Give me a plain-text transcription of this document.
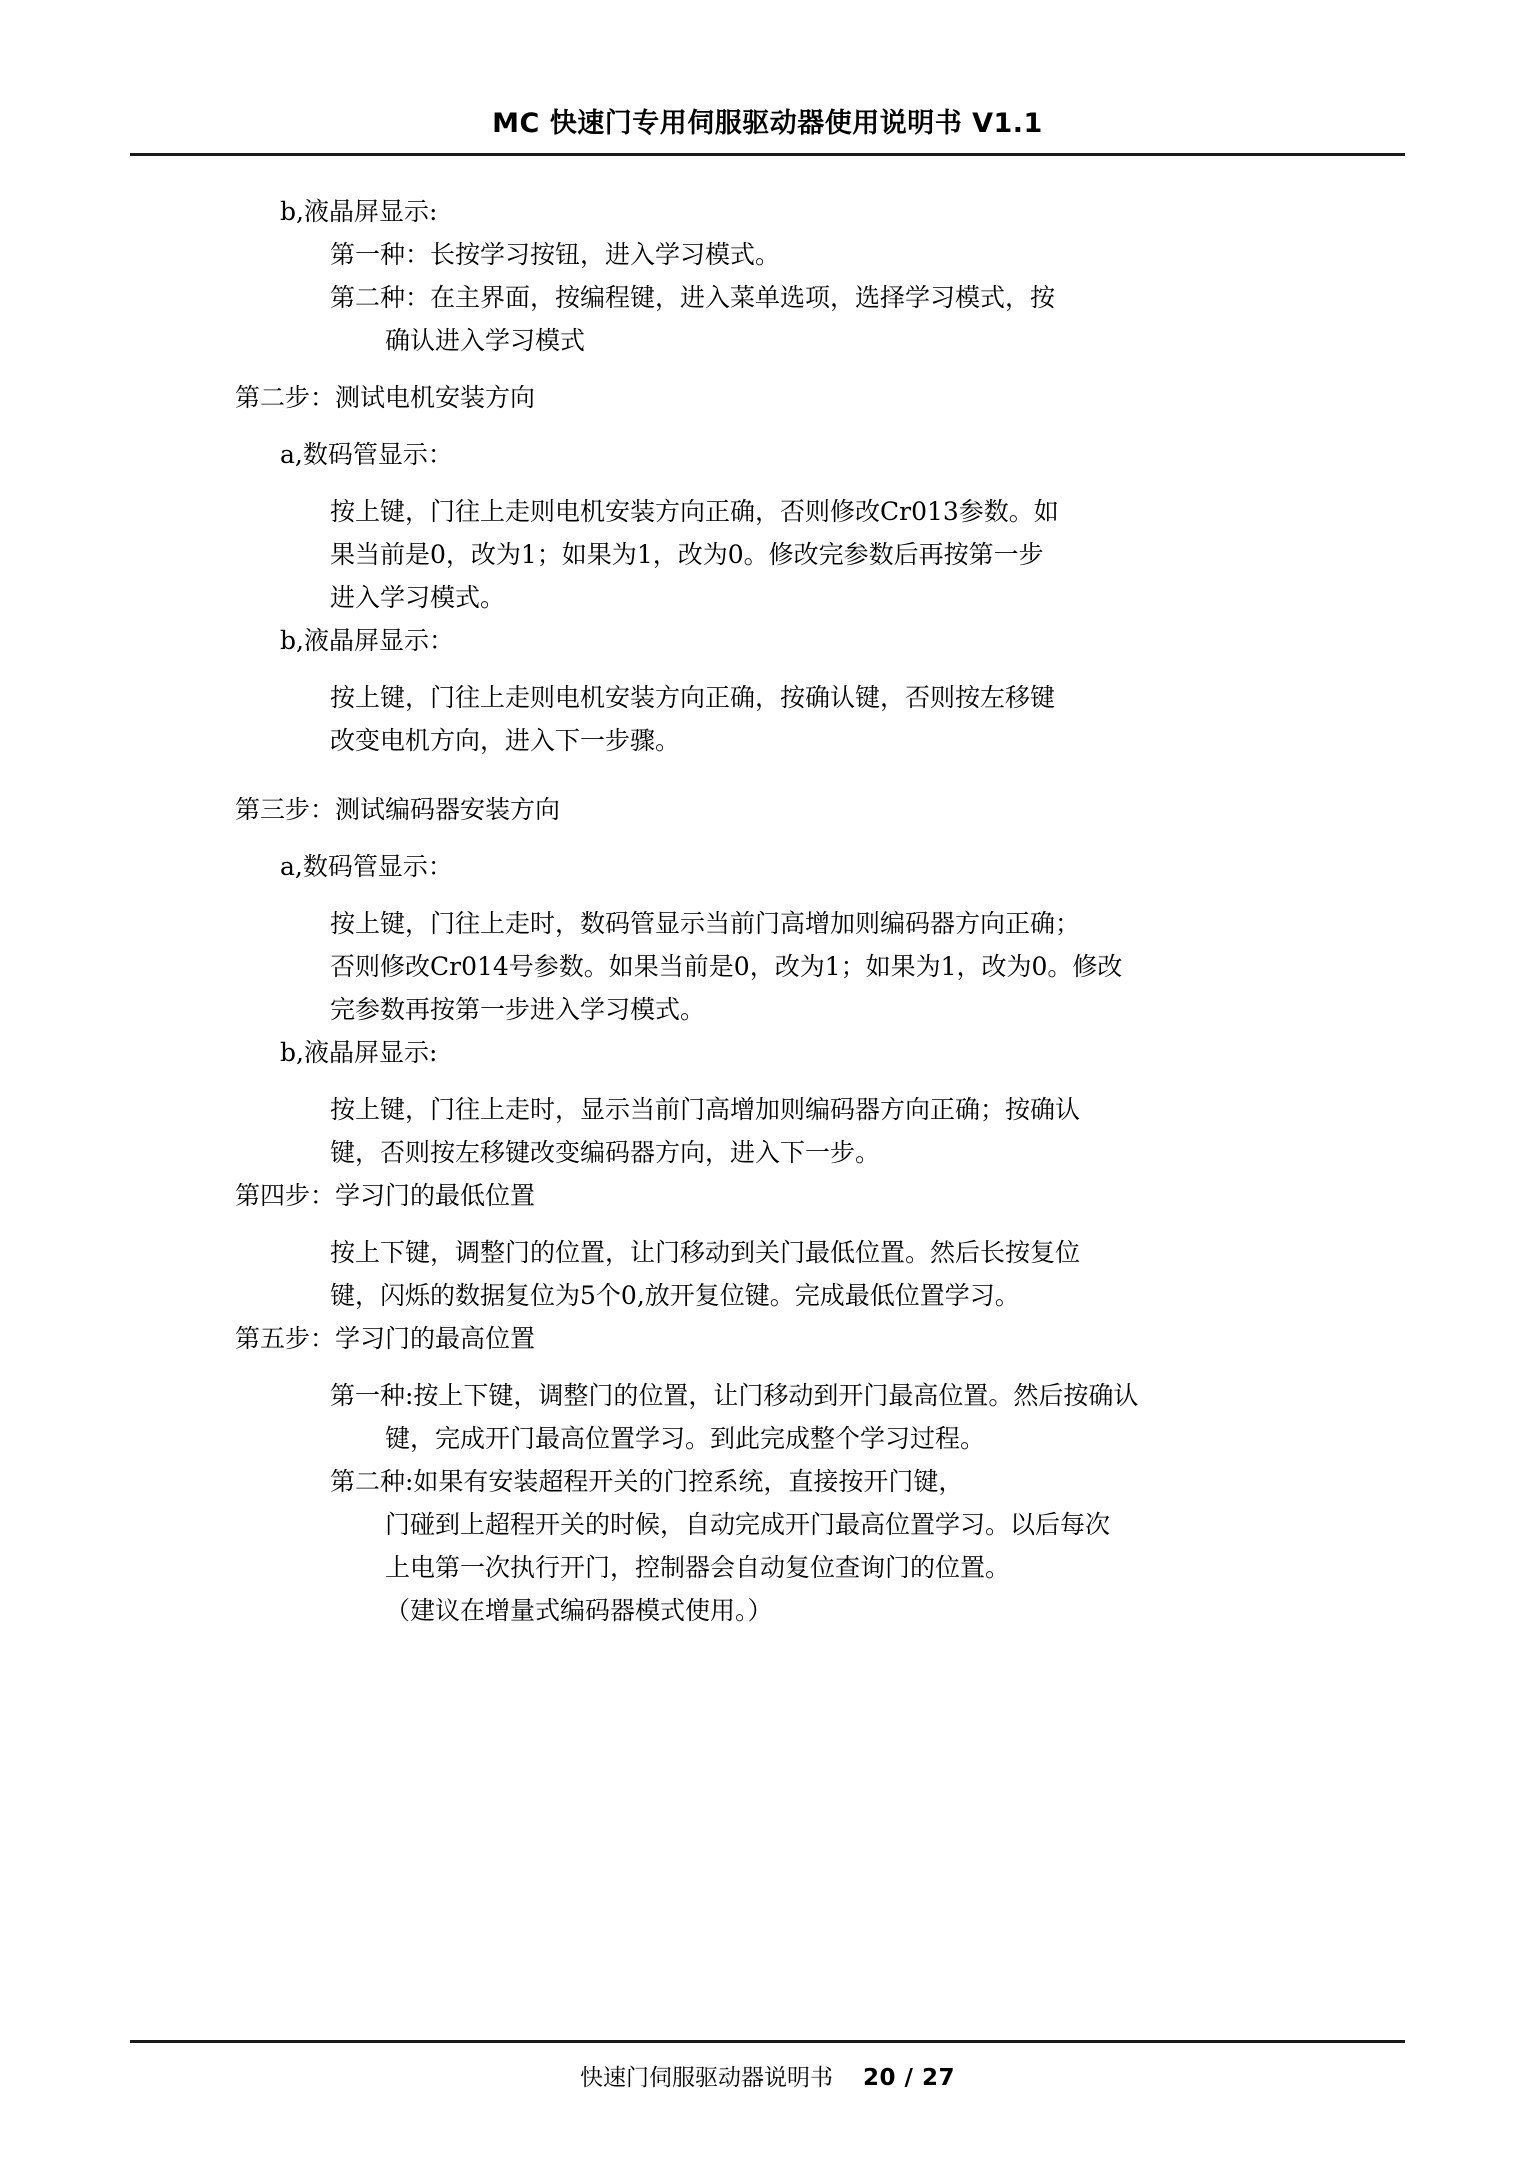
MC 快速门专用伺服驱动器使用说明书 V1.1
b,液晶屏显示:
第一种：长按学习按钮，进入学习模式。
第二种：在主界面，按编程键，进入菜单选项，选择学习模式，按
确认进入学习模式
第二步：测试电机安装方向
a,数码管显示：
按上键，门往上走则电机安装方向正确，否则修改Cr013参数。如
果当前是0，改为1；如果为1，改为0。修改完参数后再按第一步
进入学习模式。
b,液晶屏显示：
按上键，门往上走则电机安装方向正确，按确认键，否则按左移键
改变电机方向，进入下一步骤。
第三步：测试编码器安装方向
a,数码管显示：
按上键，门往上走时，数码管显示当前门高增加则编码器方向正确；
否则修改Cr014号参数。如果当前是0，改为1；如果为1，改为0。修改
完参数再按第一步进入学习模式。
b,液晶屏显示:
按上键，门往上走时，显示当前门高增加则编码器方向正确；按确认
键，否则按左移键改变编码器方向，进入下一步。
第四步：学习门的最低位置
按上下键，调整门的位置，让门移动到关门最低位置。然后长按复位
键，闪烁的数据复位为5个0,放开复位键。完成最低位置学习。
第五步：学习门的最高位置
第一种:按上下键，调整门的位置，让门移动到开门最高位置。然后按确认
键，完成开门最高位置学习。到此完成整个学习过程。
第二种:如果有安装超程开关的门控系统，直接按开门键，
门碰到上超程开关的时候，自动完成开门最高位置学习。以后每次
上电第一次执行开门，控制器会自动复位查询门的位置。
（建议在增量式编码器模式使用。）
快速门伺服驱动器说明书 20 / 27
